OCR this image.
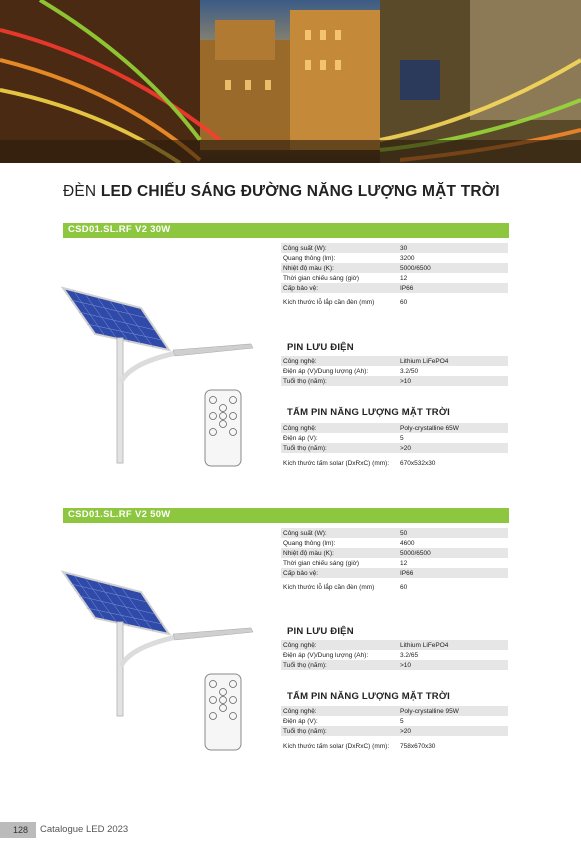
ĐÈN LED CHIẾU SÁNG ĐƯỜNG NĂNG LƯỢNG MẶT TRỜI
CSD01.SL.RF V2 30W
Công suất (W):	30
Quang thông (lm):	3200
Nhiệt độ màu (K):	5000/6500
Thời gian chiếu sáng (giờ)	12
Cấp bảo vệ:	IP66
Kích thước lỗ lắp cần đèn (mm)	60
PIN LƯU ĐIỆN
Công nghệ:	Lithium LiFePO4
Điện áp (V)/Dung lượng (Ah):	3.2/50
Tuổi thọ (năm):	>10
TẤM PIN NĂNG LƯỢNG MẶT TRỜI
Công nghệ:	Poly-crystalline 65W
Điện áp (V):	5
Tuổi thọ (năm):	>20
Kích thước tấm solar (DxRxC) (mm):	670x532x30
CSD01.SL.RF V2 50W
Công suất (W):	50
Quang thông (lm):	4600
Nhiệt độ màu (K):	5000/6500
Thời gian chiếu sáng (giờ)	12
Cấp bảo vệ:	IP66
Kích thước lỗ lắp cần đèn (mm)	60
PIN LƯU ĐIỆN
Công nghệ:	Lithium LiFePO4
Điện áp (V)/Dung lượng (Ah):	3.2/65
Tuổi thọ (năm):	>10
TẤM PIN NĂNG LƯỢNG MẶT TRỜI
Công nghệ:	Poly-crystalline 95W
Điện áp (V):	5
Tuổi thọ (năm):	>20
Kích thước tấm solar (DxRxC) (mm):	758x670x30
128 Catalogue LED 2023
